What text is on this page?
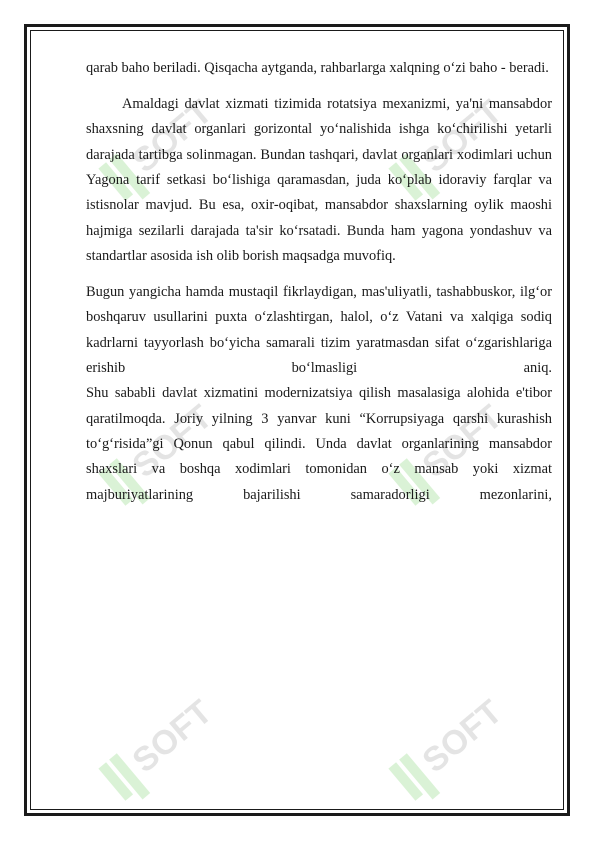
SOFT	SOFT
SOFT	SOFT
SOFT	SOFT

qarab baho beriladi. Qisqacha aytganda, rahbarlarga xalqning o‘zi baho - beradi.

Amaldagi davlat xizmati tizimida rotatsiya mexanizmi, ya'ni mansabdor shaxsning davlat organlari gorizontal yo‘nalishida ishga ko‘chirilishi yetarli darajada tartibga solinmagan. Bundan tashqari, davlat organlari xodimlari uchun Yagona tarif setkasi bo‘lishiga qaramasdan, juda ko‘plab idoraviy farqlar va istisnolar mavjud. Bu esa, oxir-oqibat, mansabdor shaxslarning oylik maoshi hajmiga sezilarli darajada ta'sir ko‘rsatadi. Bunda ham yagona yondashuv va standartlar asosida ish olib borish maqsadga muvofiq.

Bugun yangicha hamda mustaqil fikrlaydigan, mas'uliyatli, tashabbuskor, ilg‘or boshqaruv usullarini puxta o‘zlashtirgan, halol, o‘z Vatani va xalqiga sodiq kadrlarni tayyorlash bo‘yicha samarali tizim yaratmasdan sifat o‘zgarishlariga erishib bo‘lmasligi aniq.

Shu sababli davlat xizmatini modernizatsiya qilish masalasiga alohida e'tibor qaratilmoqda. Joriy yilning 3 yanvar kuni “Korrupsiyaga qarshi kurashish to‘g‘risida”gi Qonun qabul qilindi. Unda davlat organlarining mansabdor shaxslari va boshqa xodimlari tomonidan o‘z mansab yoki xizmat majburiyatlarining bajarilishi samaradorligi mezonlarini,
